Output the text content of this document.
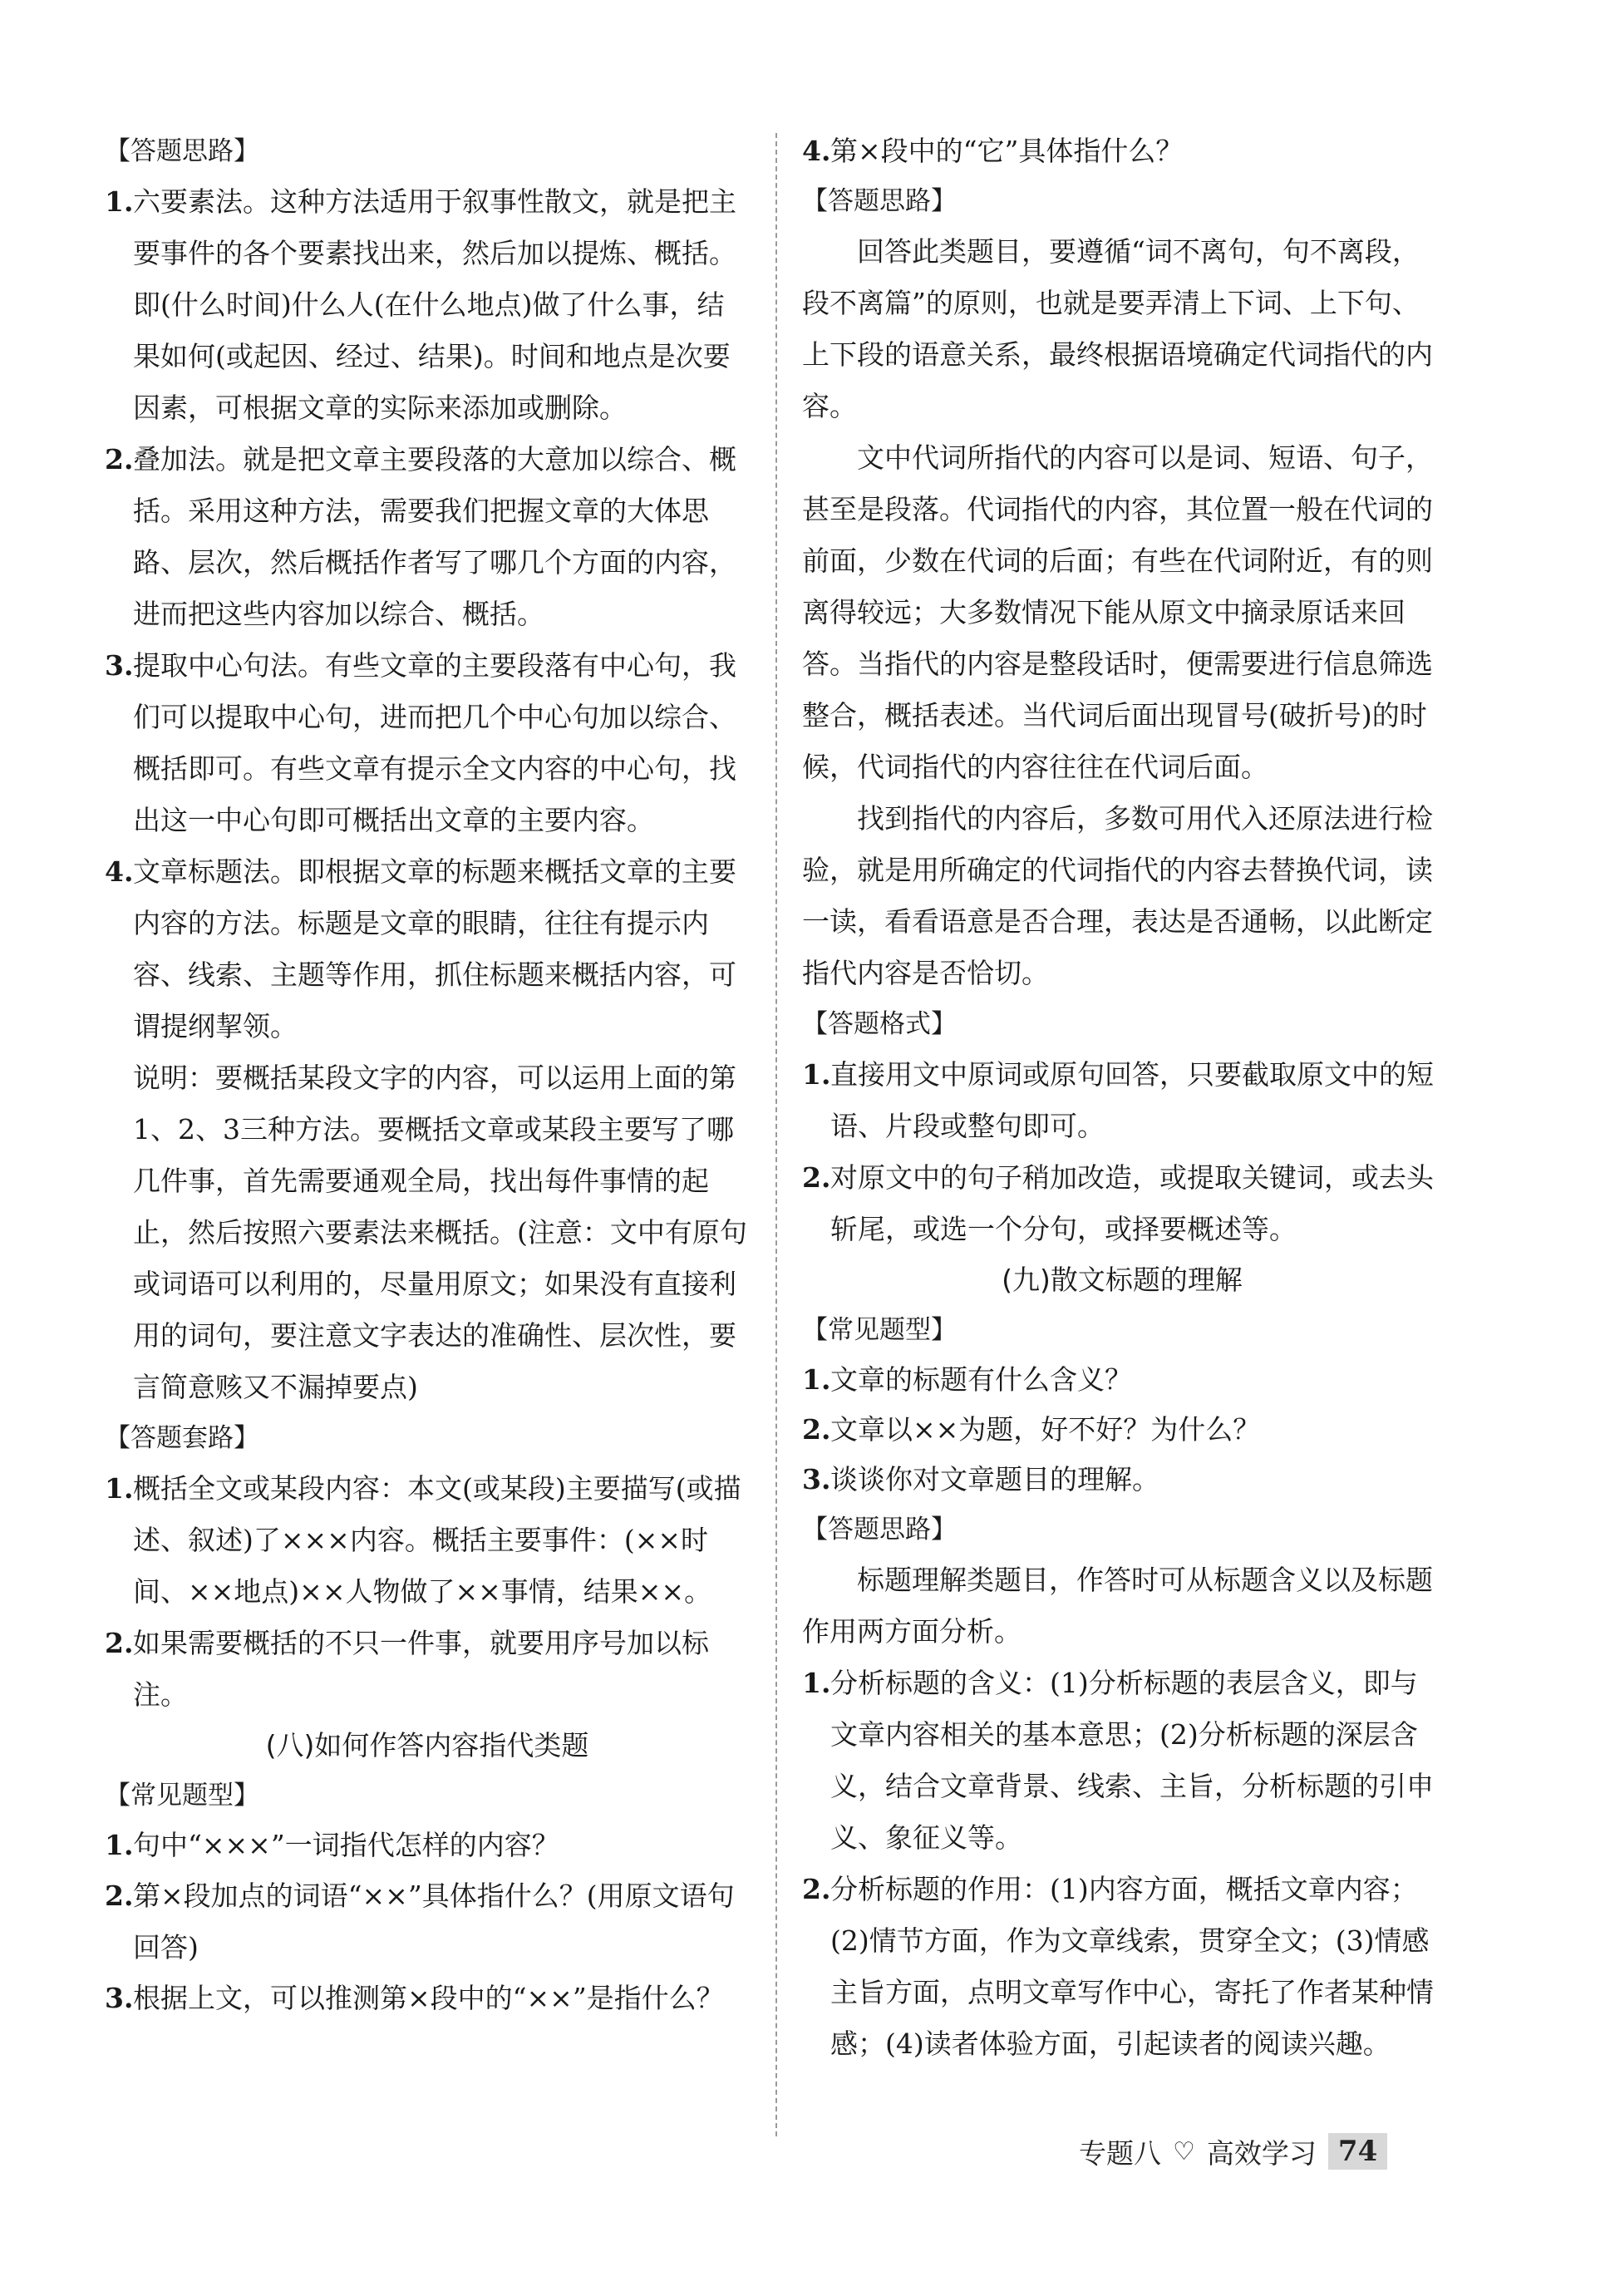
【答题思路】
1. 六要素法。这种方法适用于叙事性散文，就是把主要事件的各个要素找出来，然后加以提炼、概括。即(什么时间)什么人(在什么地点)做了什么事，结果如何(或起因、经过、结果)。时间和地点是次要因素，可根据文章的实际来添加或删除。
2. 叠加法。就是把文章主要段落的大意加以综合、概括。采用这种方法，需要我们把握文章的大体思路、层次，然后概括作者写了哪几个方面的内容，进而把这些内容加以综合、概括。
3. 提取中心句法。有些文章的主要段落有中心句，我们可以提取中心句，进而把几个中心句加以综合、概括即可。有些文章有提示全文内容的中心句，找出这一中心句即可概括出文章的主要内容。
4. 文章标题法。即根据文章的标题来概括文章的主要内容的方法。标题是文章的眼睛，往往有提示内容、线索、主题等作用，抓住标题来概括内容，可谓提纲挈领。

说明：要概括某段文字的内容，可以运用上面的第1、2、3三种方法。要概括文章或某段主要写了哪几件事，首先需要通观全局，找出每件事情的起止，然后按照六要素法来概括。(注意：文中有原句或词语可以利用的，尽量用原文；如果没有直接利用的词句，要注意文字表达的准确性、层次性，要言简意赅又不漏掉要点)

【答题套路】
1. 概括全文或某段内容：本文(或某段)主要描写(或描述、叙述)了×××内容。概括主要事件：(××时间、××地点)××人物做了××事情，结果××。
2. 如果需要概括的不只一件事，就要用序号加以标注。
(八)如何作答内容指代类题
【常见题型】
1. 句中“×××”一词指代怎样的内容？
2. 第×段加点的词语“××”具体指什么？(用原文语句回答)
3. 根据上文，可以推测第×段中的“××”是指什么？
4. 第×段中的“它”具体指什么？
【答题思路】

回答此类题目，要遵循“词不离句，句不离段，段不离篇”的原则，也就是要弄清上下词、上下句、上下段的语意关系，最终根据语境确定代词指代的内容。

文中代词所指代的内容可以是词、短语、句子，甚至是段落。代词指代的内容，其位置一般在代词的前面，少数在代词的后面；有些在代词附近，有的则离得较远；大多数情况下能从原文中摘录原话来回答。当指代的内容是整段话时，便需要进行信息筛选整合，概括表述。当代词后面出现冒号(破折号)的时候，代词指代的内容往往在代词后面。

找到指代的内容后，多数可用代入还原法进行检验，就是用所确定的代词指代的内容去替换代词，读一读，看看语意是否合理，表达是否通畅，以此断定指代内容是否恰切。

【答题格式】
1. 直接用文中原词或原句回答，只要截取原文中的短语、片段或整句即可。
2. 对原文中的句子稍加改造，或提取关键词，或去头斩尾，或选一个分句，或择要概述等。
(九)散文标题的理解
【常见题型】
1. 文章的标题有什么含义？
2. 文章以××为题，好不好？为什么？
3. 谈谈你对文章题目的理解。
【答题思路】

标题理解类题目，作答时可从标题含义以及标题作用两方面分析。

1. 分析标题的含义：(1)分析标题的表层含义，即与文章内容相关的基本意思；(2)分析标题的深层含义，结合文章背景、线索、主旨，分析标题的引申义、象征义等。
2. 分析标题的作用：(1)内容方面，概括文章内容；(2)情节方面，作为文章线索，贯穿全文；(3)情感主旨方面，点明文章写作中心，寄托了作者某种情感；(4)读者体验方面，引起读者的阅读兴趣。
专题八 ♡ 高效学习 74
